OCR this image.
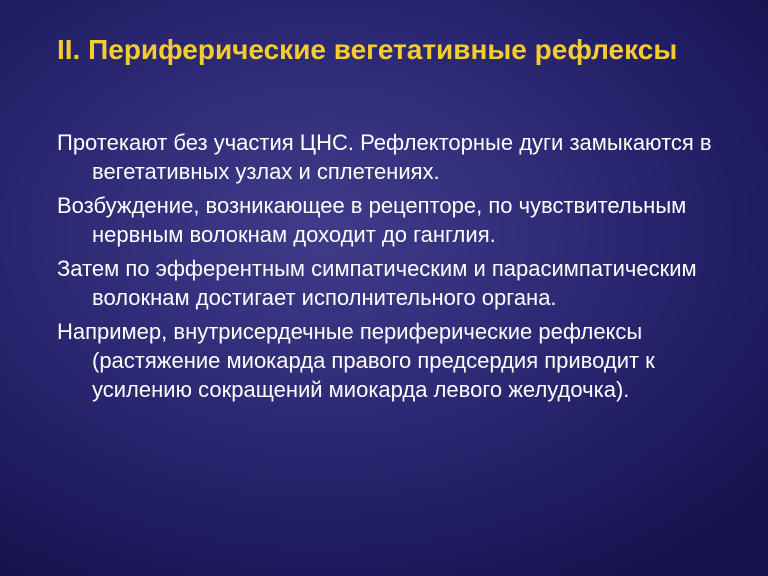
II. Периферические вегетативные рефлексы

Протекают без участия ЦНС. Рефлекторные дуги замыкаются в вегетативных узлах и сплетениях.

Возбуждение, возникающее в рецепторе, по чувствительным нервным волокнам доходит до ганглия.

Затем по эфферентным симпатическим и парасимпатическим волокнам достигает исполнительного органа.

Например, внутрисердечные периферические рефлексы (растяжение миокарда правого предсердия приводит к усилению сокращений миокарда левого желудочка).
